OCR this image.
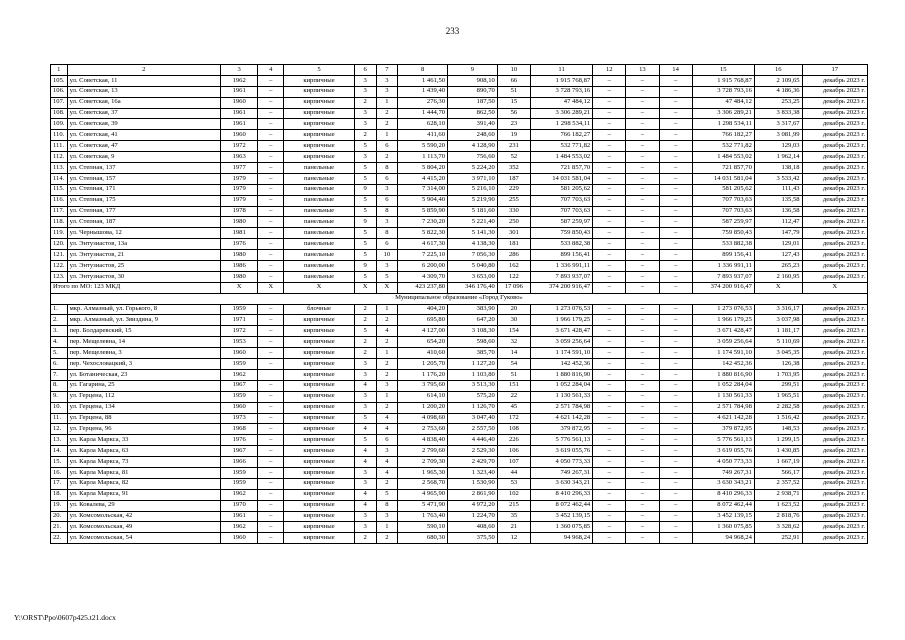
233
1	2	3	4	5	6	7	8	9	10	11	12	13	14	15	16	17
105.	ул. Советская, 11	1962	–	кирпичные	3	3	1 461,50	908,10	66	1 915 768,87	–	–	–	1 915 768,87	2 109,65	декабрь 2023 г.
106.	ул. Советская, 13	1961	–	кирпичные	3	3	1 439,40	890,70	51	3 728 793,16	–	–	–	3 728 793,16	4 186,36	декабрь 2023 г.
107.	ул. Советская, 16а	1960	–	кирпичные	2	1	276,30	187,50	15	47 484,12	–	–	–	47 484,12	253,25	декабрь 2023 г.
108.	ул. Советская, 37	1961	–	кирпичные	3	2	1 444,70	862,50	56	3 306 289,21	–	–	–	3 306 289,21	3 833,38	декабрь 2023 г.
109.	ул. Советская, 39	1961	–	кирпичные	3	2	628,10	391,40	23	1 298 534,11	–	–	–	1 298 534,11	3 317,67	декабрь 2023 г.
110.	ул. Советская, 41	1960	–	кирпичные	2	1	411,60	248,60	19	766 182,27	–	–	–	766 182,27	3 081,99	декабрь 2023 г.
111.	ул. Советская, 47	1972	–	кирпичные	5	6	5 590,20	4 128,90	231	532 771,82	–	–	–	532 771,82	129,03	декабрь 2023 г.
112.	ул. Советская, 9	1963	–	кирпичные	3	2	1 113,70	756,60	52	1 484 553,02	–	–	–	1 484 553,02	1 962,14	декабрь 2023 г.
113.	ул. Степная, 137	1977	–	панельные	5	8	5 804,20	5 224,20	352	721 857,70	–	–	–	721 857,70	138,18	декабрь 2023 г.
114.	ул. Степная, 157	1979	–	панельные	5	6	4 415,20	3 971,10	187	14 031 581,04	–	–	–	14 031 581,04	3 533,42	декабрь 2023 г.
115.	ул. Степная, 171	1979	–	панельные	9	3	7 314,00	5 216,10	229	581 205,62	–	–	–	581 205,62	111,43	декабрь 2023 г.
116.	ул. Степная, 175	1979	–	панельные	5	6	5 904,40	5 219,90	255	707 703,63	–	–	–	707 703,63	135,58	декабрь 2023 г.
117.	ул. Степная, 177	1978	–	панельные	5	8	5 859,90	5 181,60	330	707 703,63	–	–	–	707 703,63	136,58	декабрь 2023 г.
118.	ул. Степная, 187	1980	–	панельные	9	3	7 230,20	5 221,40	250	587 259,97	–	–	–	587 259,97	112,47	декабрь 2023 г.
119.	ул. Чернышова, 12	1981	–	панельные	5	8	5 822,30	5 141,30	301	759 850,43	–	–	–	759 850,43	147,79	декабрь 2023 г.
120.	ул. Энтузиастов, 13а	1976	–	панельные	5	6	4 617,30	4 138,30	181	533 882,38	–	–	–	533 882,38	129,01	декабрь 2023 г.
121.	ул. Энтузиастов, 21	1980	–	панельные	5	10	7 225,10	7 056,30	286	899 156,41	–	–	–	899 156,41	127,43	декабрь 2023 г.
122.	ул. Энтузиастов, 25	1986	–	панельные	9	3	6 200,00	5 040,80	162	1 336 991,11	–	–	–	1 336 991,11	265,23	декабрь 2023 г.
123.	ул. Энтузиастов, 30	1980	–	панельные	5	5	4 309,70	3 653,00	122	7 893 937,07	–	–	–	7 893 937,07	2 160,95	декабрь 2023 г.
Итого по МО: 123 МКД		X	X	X	X	X	423 237,80	346 176,40	17 096	374 200 916,47	–	–	–	374 200 916,47	X	X
Муниципальное образование «Город Гуково»																
1.	мкр. Алмазный, ул. Горького, 8	1959	–	блочные	2	1	404,20	383,90	20	1 273 076,53	–	–	–	1 273 076,53	3 316,17	декабрь 2023 г.
2.	мкр. Алмазный, ул. Звиздина, 9	1971	–	кирпичные	2	2	695,80	647,20	30	1 966 179,25	–	–	–	1 966 179,25	3 037,98	декабрь 2023 г.
3.	пер. Болдаревский, 15	1972	–	кирпичные	5	4	4 127,00	3 108,30	154	3 671 428,47	–	–	–	3 671 428,47	1 181,17	декабрь 2023 г.
4.	пер. Мещелевна, 14	1953	–	кирпичные	2	2	654,20	598,60	32	3 059 256,64	–	–	–	3 059 256,64	5 110,69	декабрь 2023 г.
5.	пер. Мещелевна, 3	1960	–	кирпичные	2	1	410,60	385,70	14	1 174 591,10	–	–	–	1 174 591,10	3 045,35	декабрь 2023 г.
6.	пер. Чехословацкий, 3	1959	–	кирпичные	3	2	1 205,70	1 127,20	54	142 452,36	–	–	–	142 452,36	126,38	декабрь 2023 г.
7.	ул. Ботаническая, 23	1962		кирпичные	3	2	1 176,20	1 103,80	51	1 880 816,90	–	–	–	1 880 816,90	1 703,95	декабрь 2023 г.
8.	ул. Гагарина, 25	1967	–	кирпичные	4	3	3 795,60	3 513,30	151	1 052 284,04	–	–	–	1 052 284,04	299,51	декабрь 2023 г.
9.	ул. Герцена, 112	1959	–	кирпичные	3	1	614,10	575,20	22	1 130 561,33	–	–	–	1 130 561,33	1 965,51	декабрь 2023 г.
10.	ул. Герцена, 134	1960	–	кирпичные	3	2	1 200,20	1 126,70	45	2 571 784,98	–	–	–	2 571 784,98	2 282,58	декабрь 2023 г.
11.	ул. Герцена, 88	1973	–	кирпичные	5	4	4 098,60	3 047,40	172	4 621 142,28	–	–	–	4 621 142,28	1 516,42	декабрь 2023 г.
12.	ул. Герцена, 96	1968	–	кирпичные	4	4	2 753,60	2 557,50	108	379 872,95	–	–	–	379 872,95	148,53	декабрь 2023 г.
13.	ул. Карла Маркса, 33	1976	–	кирпичные	5	6	4 838,40	4 446,40	226	5 776 561,13	–	–	–	5 776 561,13	1 299,15	декабрь 2023 г.
14.	ул. Карла Маркса, 63	1967	–	кирпичные	4	3	2 799,60	2 529,30	106	3 619 055,76	–	–	–	3 619 055,76	1 430,85	декабрь 2023 г.
15.	ул. Карла Маркса, 73	1966	–	кирпичные	4	4	2 709,30	2 429,70	107	4 050 773,33	–	–	–	4 050 773,33	1 667,19	декабрь 2023 г.
16.	ул. Карла Маркса, 81	1959	–	кирпичные	3	4	1 965,30	1 323,40	44	749 267,31	–	–	–	749 267,31	566,17	декабрь 2023 г.
17.	ул. Карла Маркса, 82	1959	–	кирпичные	3	2	2 568,70	1 530,90	53	3 630 343,21	–	–	–	3 630 343,21	2 357,52	декабрь 2023 г.
18.	ул. Карла Маркса, 91	1962	–	кирпичные	4	5	4 965,90	2 861,90	102	8 410 296,33	–	–	–	8 410 296,33	2 938,71	декабрь 2023 г.
19.	ул. Ковалева, 29	1970	–	кирпичные	4	8	5 471,90	4 972,20	215	8 072 462,44	–	–	–	8 072 462,44	1 623,52	декабрь 2023 г.
20.	ул. Комсомольская, 42	1961	–	кирпичные	3	3	1 763,40	1 224,70	35	3 452 139,15	–	–	–	3 452 139,15	2 818,76	декабрь 2023 г.
21.	ул. Комсомольская, 49	1962	–	кирпичные	3	1	590,10	408,60	21	1 360 075,85	–	–	–	1 360 075,85	3 328,62	декабрь 2023 г.
22.	ул. Комсомольская, 54	1960	–	кирпичные	2	2	680,30	375,50	12	94 968,24	–	–	–	94 968,24	252,91	декабрь 2023 г.
Y:\ORST\Ppo\0607p425.t21.docx
